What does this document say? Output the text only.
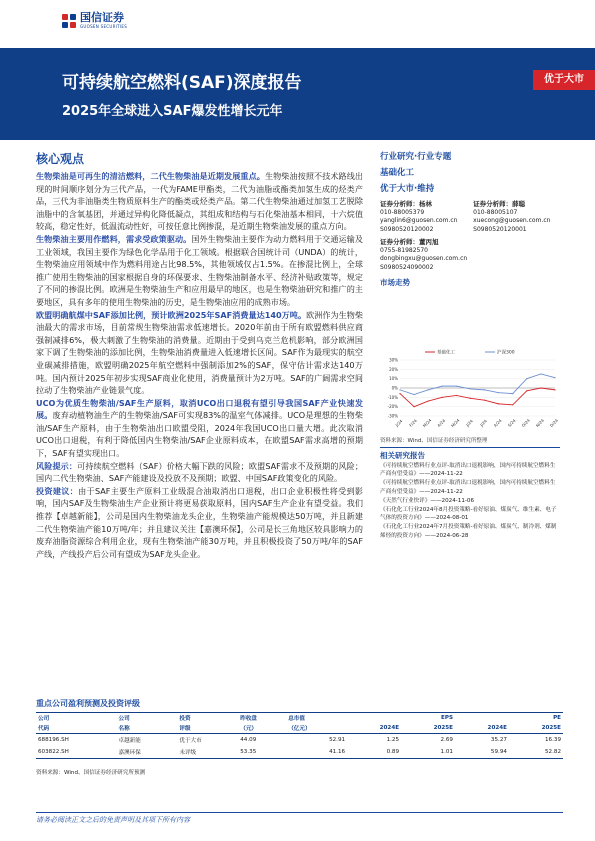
国信证券
GUOSEN SECURITIES
可持续航空燃料(SAF)深度报告
2025年全球进入SAF爆发性增长元年
优于大市
核心观点

生物柴油是可再生的清洁燃料，二代生物柴油是近期发展重点。生物柴油按照不技术路线出现的时间顺序划分为三代产品，一代为FAME甲酯类，二代为油脂或酯类加氢生成的烃类产品，三代为非油脂类生物质原料生产的酯类或烃类产品。第二代生物柴油通过加氢工艺脱除油脂中的含氧基团，并通过异构化降低凝点，其组成和结构与石化柴油基本相同，十六烷值较高，稳定性好，低温流动性好，可按任意比例掺混，是近期生物柴油发展的重点方向。

生物柴油主要用作燃料，需求受政策驱动。国外生物柴油主要作为动力燃料用于交通运输及工业领域，我国主要作为绿色化学品用于化工领域。根据联合国统计司（UNDA）的统计，生物柴油应用领域中作为燃料用途占比98.5%，其他领域仅占1.5%。在掺混比例上，全球推广使用生物柴油的国家根据自身的环保要求、生物柴油制备水平、经济补贴政策等，规定了不同的掺混比例。欧洲是生物柴油生产和应用最早的地区，也是生物柴油研究和推广的主要地区，具有多年的使用生物柴油的历史，是生物柴油应用的成熟市场。

欧盟明确航煤中SAF添加比例，预计欧洲2025年SAF消费量达140万吨。欧洲作为生物柴油最大的需求市场，目前常规生物柴油需求低速增长。2020年前由于所有欧盟燃料供应商强制减排6%，极大刺激了生物柴油的消费量。近期由于受到乌克兰危机影响，部分欧洲国家下调了生物柴油的添加比例，生物柴油消费量进入低速增长区间。SAF作为最现实的航空业碳减排措施，欧盟明确2025年航空燃料中强制添加2%的SAF，保守估计需求达140万吨。国内预计2025年初步实现SAF商业化使用，消费量预计为2万吨。SAF的广阔需求空间拉动了生物柴油产业链景气度。

UCO为优质生物柴油/SAF生产原料，取消UCO出口退税有望引导我国SAF产业快速发展。废弃动植物油生产的生物柴油/SAF可实现83%的温室气体减排。UCO是理想的生物柴油/SAF生产原料，由于生物柴油出口欧盟受阻，2024年我国UCO出口量大增。此次取消UCO出口退税，有利于降低国内生物柴油/SAF企业原料成本，在欧盟SAF需求高增的预期下，SAF有望实现出口。

风险提示：可持续航空燃料（SAF）价格大幅下跌的风险；欧盟SAF需求不及预期的风险；国内二代生物柴油、SAF产能建设及投放不及预期；欧盟、中国SAF政策变化的风险。

投资建议：由于SAF主要生产原料工业级混合油取消出口退税，出口企业积极性将受到影响，国内SAF及生物柴油生产企业预计将更易获取原料，国内SAF生产企业有望受益。我们推荐【卓越新能】，公司是国内生物柴油龙头企业，生物柴油产能规模达50万吨，并且新建二代生物柴油产能10万吨/年；并且建议关注【嘉澳环保】，公司是长三角地区较具影响力的废弃油脂资源综合利用企业，现有生物柴油产能30万吨，并且积极投资了50万吨/年的SAF产线，产线投产后公司有望成为SAF龙头企业。

行业研究·行业专题
基础化工
优于大市·维持
证券分析师：杨林
010-88005379
yanglin6@guosen.com.cn
S0980520120002
证券分析师：薛聪
010-88005107
xuecong@guosen.com.cn
S0980520120001
证券分析师：董丙旭
0755-81982570
dongbingxu@guosen.com.cn
S0980524090002
市场走势
30%
20%
10%
0%
-10%
-20%
-30%
J/24 F/24 M/24 A/24 M/24 J/24 J/24 A/24 S/24 O/24 N/24 D/24
基础化工	沪深300
资料来源：Wind、国信证券经济研究所整理
相关研究报告
《可持续航空燃料行业点评-取消出口退税影响，国内可持续航空燃料生产商有望受益》——2024-11-22
《可持续航空燃料行业点评-取消出口退税影响，国内可持续航空燃料生产商有望受益》——2024-11-22
《天然气行业快评》——2024-11-06
《石化化工行业2024年8月投资策略-看好原油、煤炭气、维生素、电子气体的投资方向》——2024-08-01
《石化化工行业2024年7月投资策略-看好原油、煤炭气、制冷剂、煤制烯烃的投资方向》——2024-06-28
重点公司盈利预测及投资评级
公司	公司	投资	昨收盘	总市值	EPS		PE	
代码	名称	评级	（元）	（亿元）	2024E	2025E	2024E	2025E
688196.SH	卓越新能	优于大市	44.09	52.91	1.25	2.69	35.27	16.39
603822.SH	嘉澳环保	未评级	53.35	41.16	0.89	1.01	59.94	52.82
资料来源：Wind、国信证券经济研究所预测
请务必阅读正文之后的免责声明及其项下所有内容
